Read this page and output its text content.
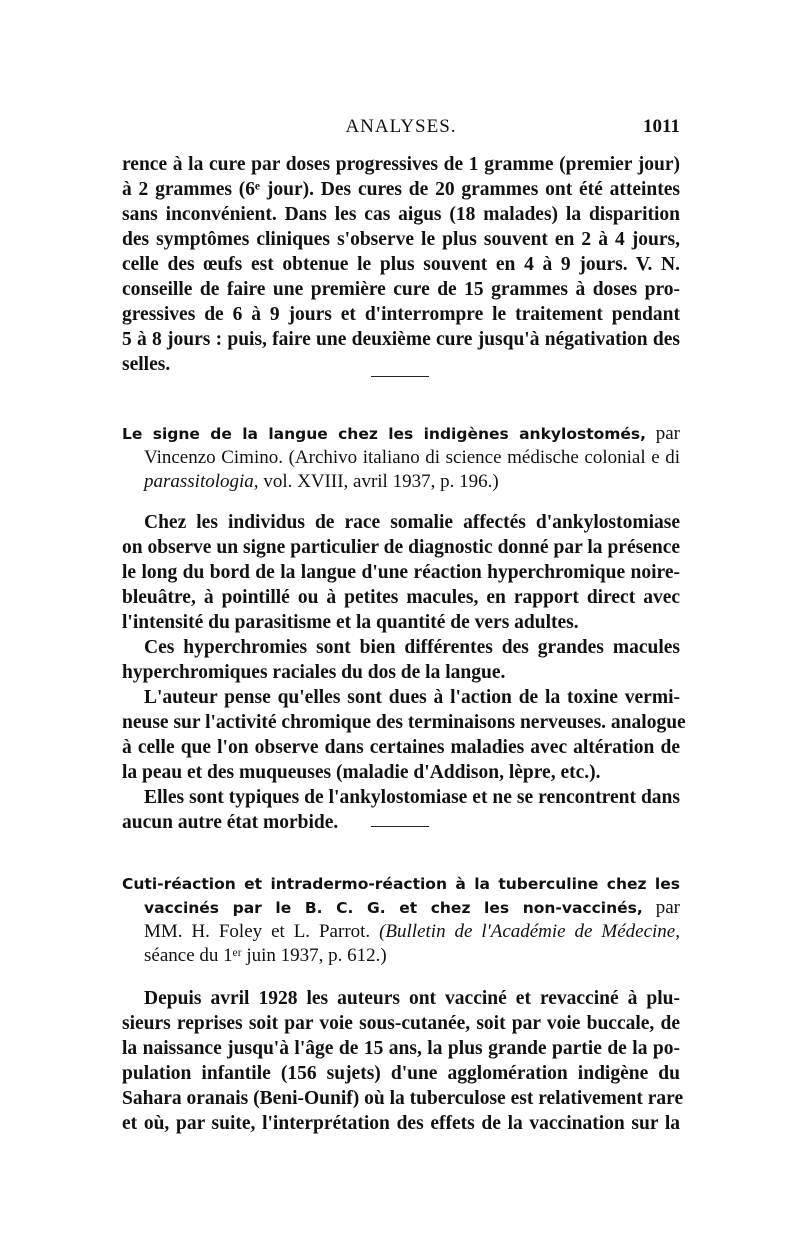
ANALYSES.	1011
rence à la cure par doses progressives de 1 gramme (premier jour)
à 2 grammes (6ᵉ jour). Des cures de 20 grammes ont été atteintes
sans inconvénient. Dans les cas aigus (18 malades) la disparition
des symptômes cliniques s'observe le plus souvent en 2 à 4 jours,
celle des œufs est obtenue le plus souvent en 4 à 9 jours. V. N.
conseille de faire une première cure de 15 grammes à doses pro-
gressives de 6 à 9 jours et d'interrompre le traitement pendant
5 à 8 jours : puis, faire une deuxième cure jusqu'à négativation des
selles.
Le signe de la langue chez les indigènes ankylostomés, par
Vincenzo Cimino. (Archivo italiano di science médische colonial e di
parassitologia, vol. XVIII, avril 1937, p. 196.)
Chez les individus de race somalie affectés d'ankylostomiase
on observe un signe particulier de diagnostic donné par la présence
le long du bord de la langue d'une réaction hyperchromique noire-
bleuâtre, à pointillé ou à petites macules, en rapport direct avec
l'intensité du parasitisme et la quantité de vers adultes.
Ces hyperchromies sont bien différentes des grandes macules
hyperchromiques raciales du dos de la langue.
L'auteur pense qu'elles sont dues à l'action de la toxine vermi-
neuse sur l'activité chromique des terminaisons nerveuses. analogue
à celle que l'on observe dans certaines maladies avec altération de
la peau et des muqueuses (maladie d'Addison, lèpre, etc.).
Elles sont typiques de l'ankylostomiase et ne se rencontrent dans
aucun autre état morbide.
Cuti-réaction et intradermo-réaction à la tuberculine chez les
vaccinés par le B. C. G. et chez les non-vaccinés, par
MM. H. Foley et L. Parrot. (Bulletin de l'Académie de Médecine,
séance du 1ᵉʳ juin 1937, p. 612.)
Depuis avril 1928 les auteurs ont vacciné et revacciné à plu-
sieurs reprises soit par voie sous-cutanée, soit par voie buccale, de
la naissance jusqu'à l'âge de 15 ans, la plus grande partie de la po-
pulation infantile (156 sujets) d'une agglomération indigène du
Sahara oranais (Beni-Ounif) où la tuberculose est relativement rare
et où, par suite, l'interprétation des effets de la vaccination sur la
